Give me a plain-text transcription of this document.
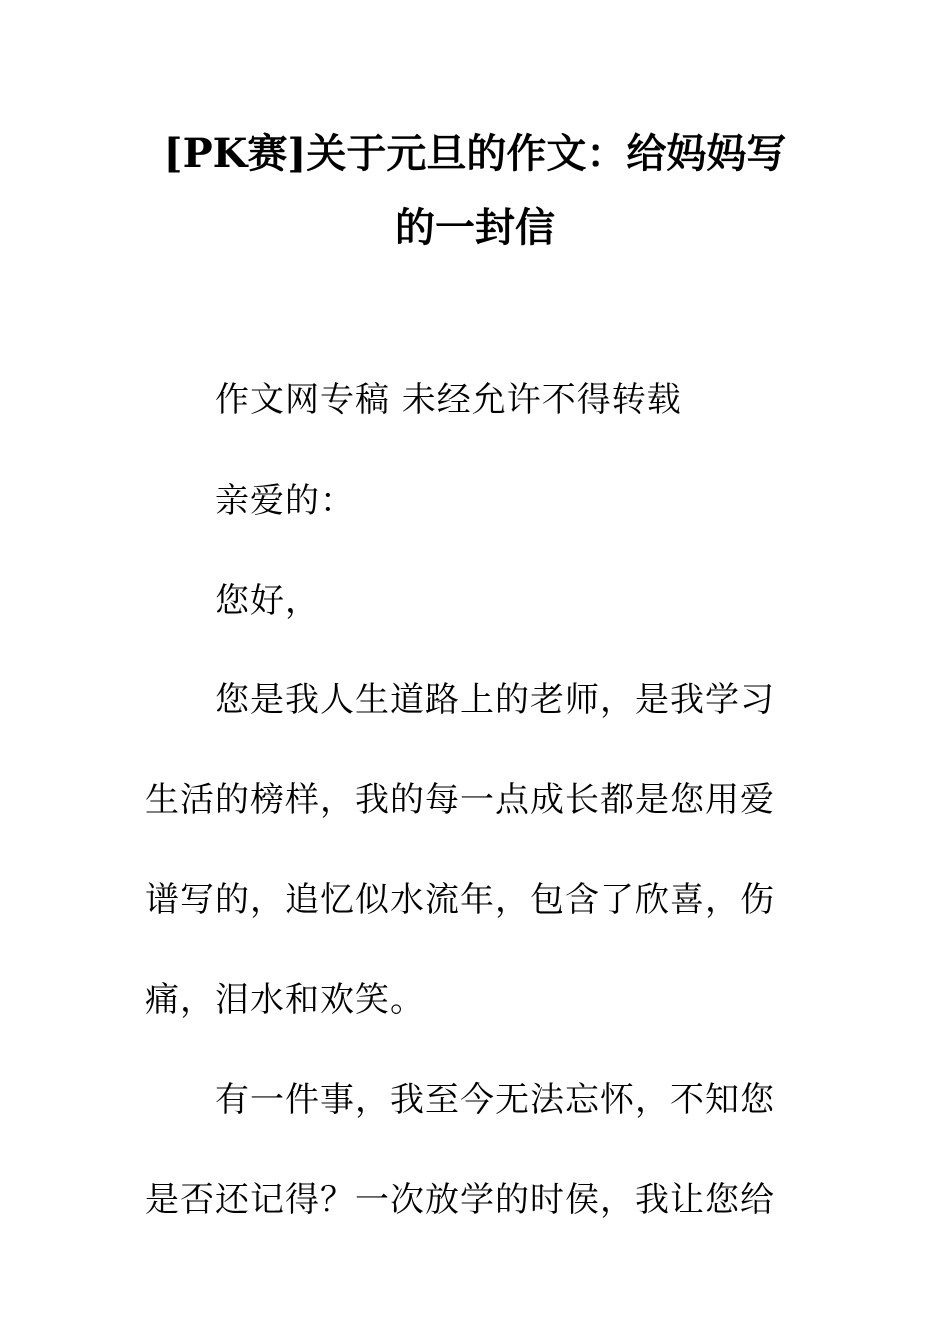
[PK赛]关于元旦的作文：给妈妈写
的一封信
作文网专稿 未经允许不得转载
亲爱的：
您好，
您是我人生道路上的老师，是我学习
生活的榜样，我的每一点成长都是您用爱
谱写的，追忆似水流年，包含了欣喜，伤
痛，泪水和欢笑。
有一件事，我至今无法忘怀，不知您
是否还记得？一次放学的时侯，我让您给
